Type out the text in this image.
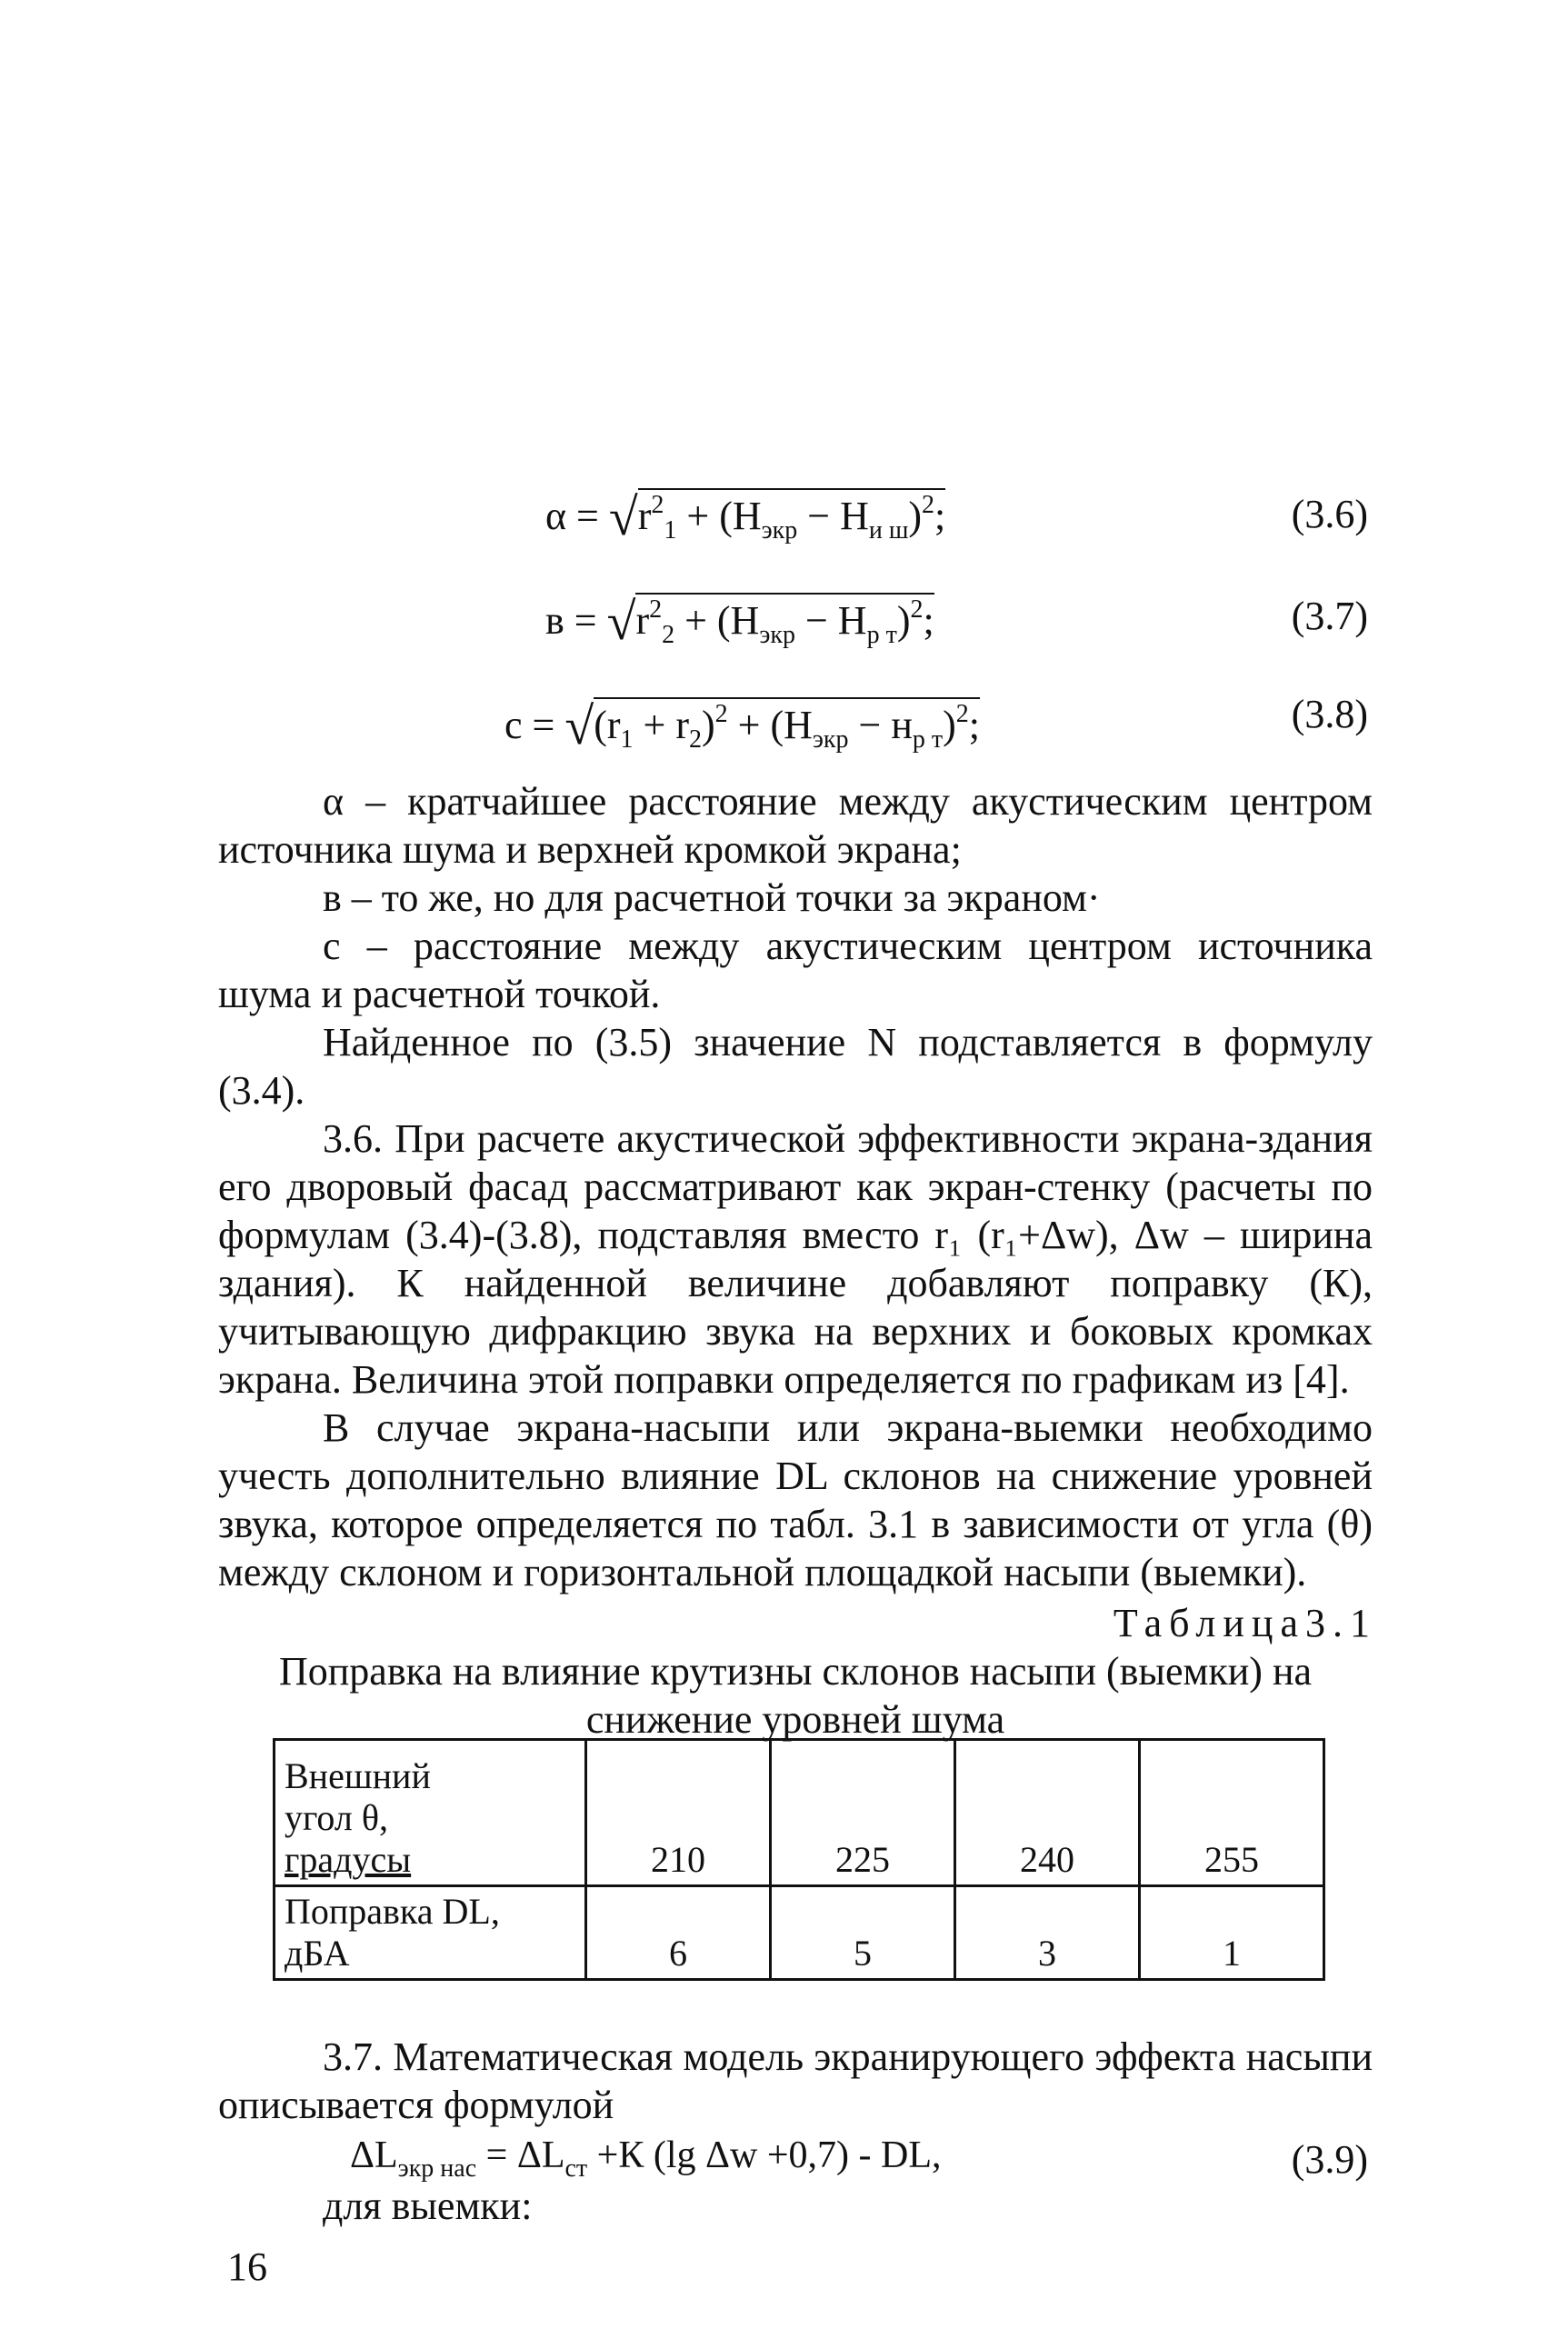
$\alpha = √r^2_1 + (H_{экр} - H_{и ш})^2$;	(3.6)
$в = √r^2_2 + (H_{экр} - H_{р т})^2$;	(3.7)
$c = √(r_1 + r_2)^2 + (H_{экр} - н_{р т})^2$;	(3.8)

α – кратчайшее расстояние между акустическим центром источника шума и верхней кромкой экрана;

в – то же, но для расчетной точки за экраном·

с – расстояние между акустическим центром источника шума и расчетной точкой.

Найденное по (3.5) значение N подставляется в формулу (3.4).

3.6. При расчете акустической эффективности экрана-здания его дворовый фасад рассматривают как экран-стенку (расчеты по формулам (3.4)-(3.8), подставляя вместо r₁ (r₁+Δw), Δw – ширина здания). К найденной величине добавляют поправку (К), учитывающую дифракцию звука на верхних и боковых кромках экрана. Величина этой поправки определяется по графикам из [4].

В случае экрана-насыпи или экрана-выемки необходимо учесть дополнительно влияние DL склонов на снижение уровней звука, которое определяется по табл. 3.1 в зависимости от угла (θ) между склоном и горизонтальной площадкой насыпи (выемки).

Таблица3.1
Поправка на влияние крутизны склонов насыпи (выемки) на снижение уровней шума
Внешний
угол θ,
градусы	210	225	240	255

Поправка DL,
дБА	6	5	3	1

3.7. Математическая модель экранирующего эффекта насыпи описывается формулой

$\Delta L_{экр нас} = \Delta L_{ст} +К$ (lg Δw +0,7) - DL,	(3.9)
для выемки:
16
